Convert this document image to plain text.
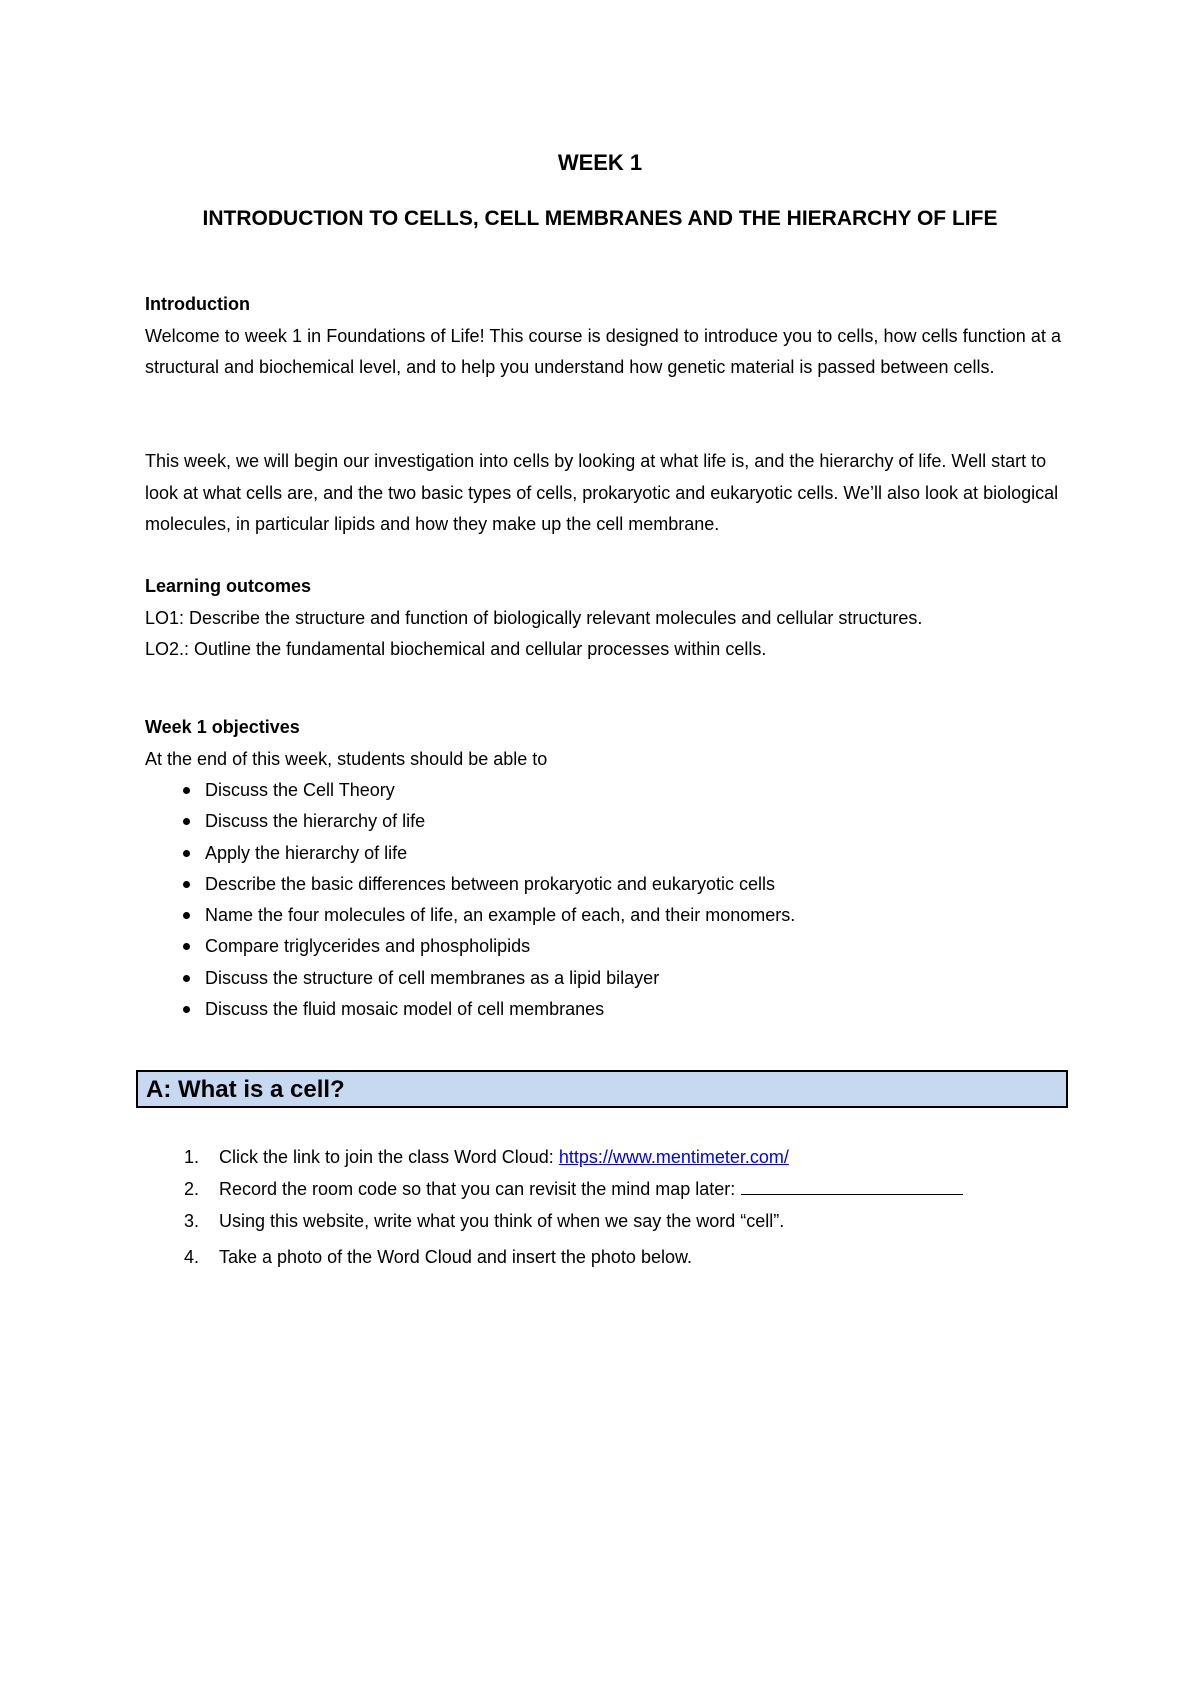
WEEK 1
INTRODUCTION TO CELLS, CELL MEMBRANES AND THE HIERARCHY OF LIFE

Introduction

Welcome to week 1 in Foundations of Life! This course is designed to introduce you to cells, how cells function at a structural and biochemical level, and to help you understand how genetic material is passed between cells.

This week, we will begin our investigation into cells by looking at what life is, and the hierarchy of life. Well start to look at what cells are, and the two basic types of cells, prokaryotic and eukaryotic cells. We’ll also look at biological molecules, in particular lipids and how they make up the cell membrane.

Learning outcomes

LO1: Describe the structure and function of biologically relevant molecules and cellular structures.

LO2.: Outline the fundamental biochemical and cellular processes within cells.

Week 1 objectives

At the end of this week, students should be able to

Discuss the Cell Theory
Discuss the hierarchy of life
Apply the hierarchy of life
Describe the basic differences between prokaryotic and eukaryotic cells
Name the four molecules of life, an example of each, and their monomers.
Compare triglycerides and phospholipids
Discuss the structure of cell membranes as a lipid bilayer
Discuss the fluid mosaic model of cell membranes
A: What is a cell?
1. Click the link to join the class Word Cloud: https://www.mentimeter.com/
2. Record the room code so that you can revisit the mind map later:
3. Using this website, write what you think of when we say the word “cell”.
4. Take a photo of the Word Cloud and insert the photo below.
